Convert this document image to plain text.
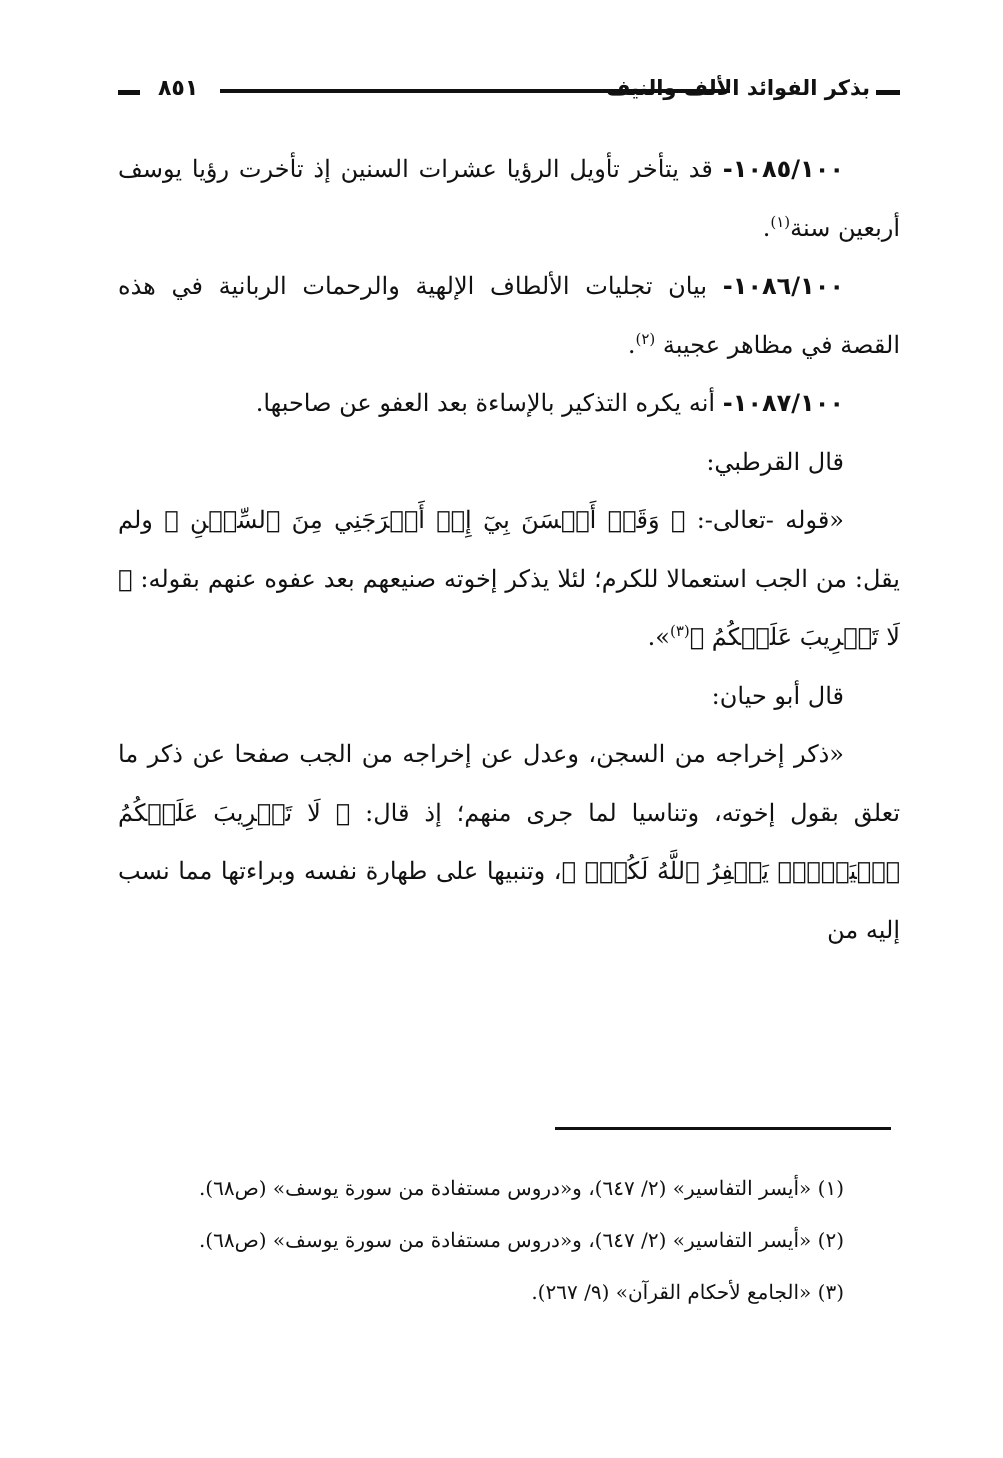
٨٥١	بذكر الفوائد الألف والنيف

١٠٨٥/١٠٠- قد يتأخر تأويل الرؤيا عشرات السنين إذ تأخرت رؤيا يوسف أربعين سنة$^{(١)}$.

١٠٨٦/١٠٠- بيان تجليات الألطاف الإلهية والرحمات الربانية في هذه القصة في مظاهر عجيبة $^{(٢)}$.

١٠٨٧/١٠٠- أنه يكره التذكير بالإساءة بعد العفو عن صاحبها.

قال القرطبي:

«قوله -تعالى-: ﴿ وَقَدۡ أَحۡسَنَ بِيٓ إِذۡ أَخۡرَجَنِي مِنَ ٱلسِّجۡنِ ﴾ ولم يقل: من الجب استعمالا للكرم؛ لئلا يذكر إخوته صنيعهم بعد عفوه عنهم بقوله: ﴿ لَا تَثۡرِيبَ عَلَيۡكُمُ ﴾$^{(٣)}$».

قال أبو حيان:

«ذكر إخراجه من السجن، وعدل عن إخراجه من الجب صفحا عن ذكر ما تعلق بقول إخوته، وتناسيا لما جرى منهم؛ إذ قال: ﴿ لَا تَثۡرِيبَ عَلَيۡكُمُ ٱلۡيَوۡمَۖ يَغۡفِرُ ٱللَّهُ لَكُمۡۖ ﴾، وتنبيها على طهارة نفسه وبراءتها مما نسب إليه من

(١) «أيسر التفاسير» (٢/ ٦٤٧)، و«دروس مستفادة من سورة يوسف» (ص٦٨).

(٢) «أيسر التفاسير» (٢/ ٦٤٧)، و«دروس مستفادة من سورة يوسف» (ص٦٨).

(٣) «الجامع لأحكام القرآن» (٩/ ٢٦٧).
